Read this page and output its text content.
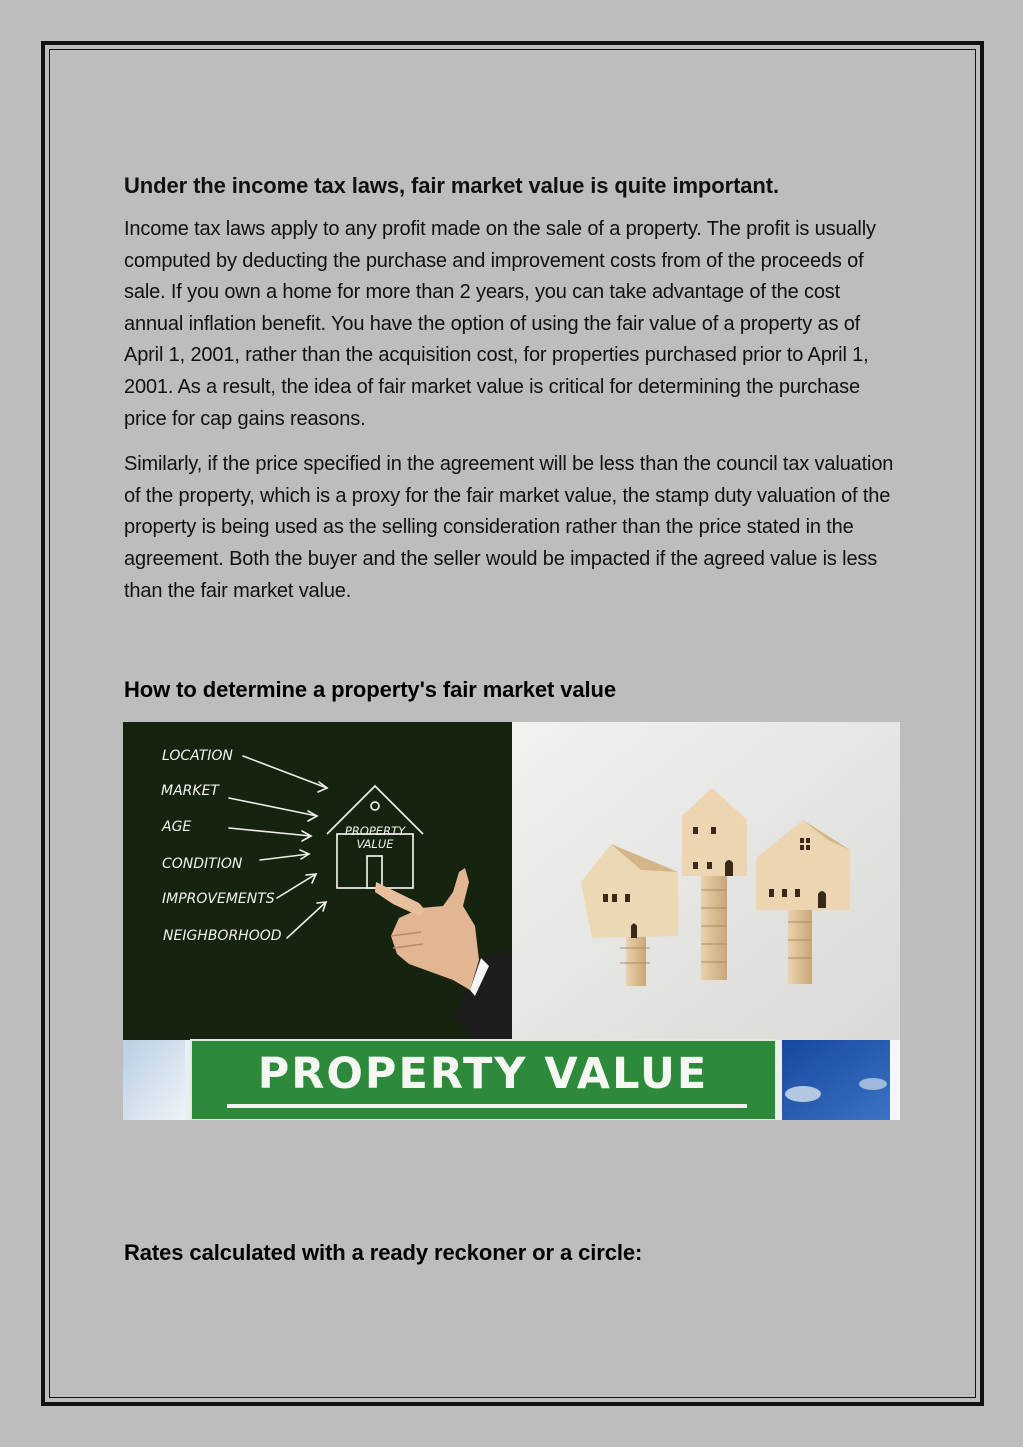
Under the income tax laws, fair market value is quite important.

Income tax laws apply to any profit made on the sale of a property. The profit is usually computed by deducting the purchase and improvement costs from of the proceeds of sale. If you own a home for more than 2 years, you can take advantage of the cost annual inflation benefit. You have the option of using the fair value of a property as of April 1, 2001, rather than the acquisition cost, for properties purchased prior to April 1, 2001. As a result, the idea of fair market value is critical for determining the purchase price for cap gains reasons.

Similarly, if the price specified in the agreement will be less than the council tax valuation of the property, which is a proxy for the fair market value, the stamp duty valuation of the property is being used as the selling consideration rather than the price stated in the agreement. Both the buyer and the seller would be impacted if the agreed value is less than the fair market value.

How to determine a property's fair market value
LOCATION
MARKET
AGE
CONDITION
IMPROVEMENTS
NEIGHBORHOOD
PROPERTY
VALUE
PROPERTY VALUE
Rates calculated with a ready reckoner or a circle:
